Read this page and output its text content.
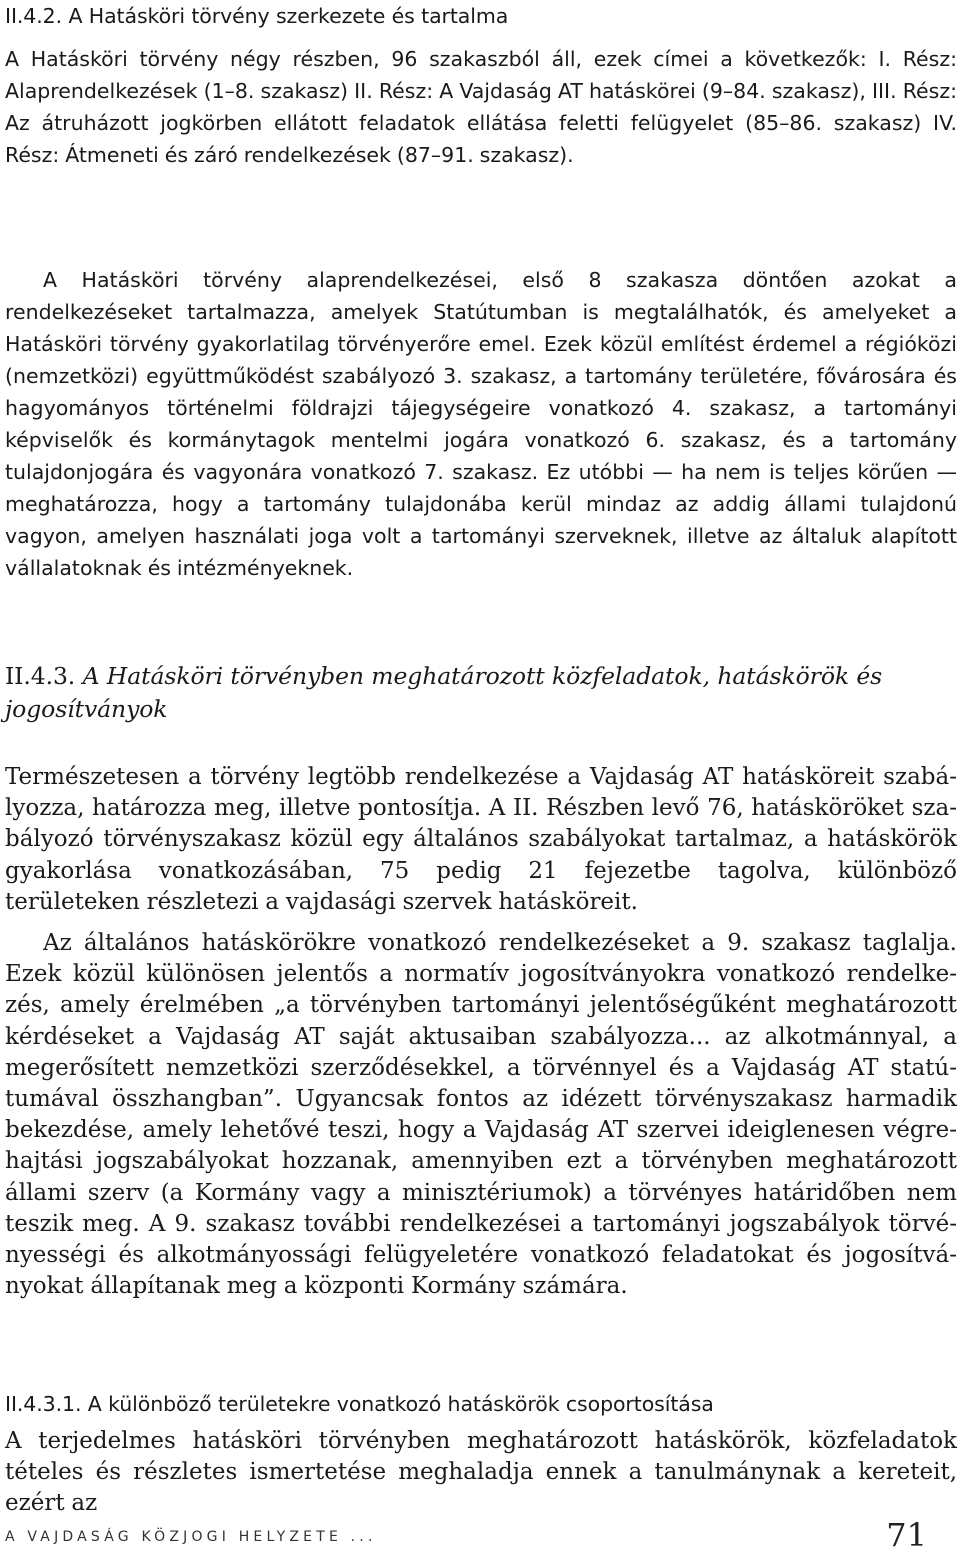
II.4.2. A Hatásköri törvény szerkezete és tartalma
A Hatásköri törvény négy részben, 96 szakaszból áll, ezek címei a következők: I. Rész: Alaprendelkezések (1–8. szakasz) II. Rész: A Vajdaság AT hatáskörei (9–84. szakasz), III. Rész: Az átruházott jogkörben ellátott feladatok ellátása feletti felügyelet (85–86. szakasz) IV. Rész: Átmeneti és záró rendelkezések (87–91. szakasz).
A Hatásköri törvény alaprendelkezései, első 8 szakasza döntően azokat a rendelkezéseket tartalmazza, amelyek Statútumban is megtalálhatók, és amelyeket a Hatásköri törvény gyakorlatilag törvényerőre emel. Ezek közül említést érdemel a régióközi (nemzetközi) együttműködést szabályozó 3. szakasz, a tartomány területére, fővárosára és hagyományos történelmi földrajzi tájegységeire vonatkozó 4. szakasz, a tartományi képviselők és kormánytagok mentelmi jogára vonatkozó 6. szakasz, és a tartomány tulajdonjogára és vagyonára vonatkozó 7. szakasz. Ez utóbbi — ha nem is teljes körűen — meghatározza, hogy a tartomány tulajdonába kerül mindaz az addig állami tulajdonú vagyon, amelyen használati joga volt a tartományi szerveknek, illetve az általuk alapított vállalatoknak és intézményeknek.
II.4.3. A Hatásköri törvényben meghatározott közfeladatok, hatáskörök és jogosítványok
Természetesen a törvény legtöbb rendelkezése a Vajdaság AT hatásköreit szabályozza, határozza meg, illetve pontosítja. A II. Részben levő 76, hatásköröket szabályozó törvényszakasz közül egy általános szabályokat tartalmaz, a hatáskörök gyakorlása vonatkozásában, 75 pedig 21 fejezetbe tagolva, különböző területeken részletezi a vajdasági szervek hatásköreit.
Az általános hatáskörökre vonatkozó rendelkezéseket a 9. szakasz taglalja. Ezek közül különösen jelentős a normatív jogosítványokra vonatkozó rendelkezés, amely érelmében „a törvényben tartományi jelentőségűként meghatározott kérdéseket a Vajdaság AT saját aktusaiban szabályozza... az alkotmánnyal, a megerősített nemzetközi szerződésekkel, a törvénnyel és a Vajdaság AT statútumával összhangban”. Ugyancsak fontos az idézett törvényszakasz harmadik bekezdése, amely lehetővé teszi, hogy a Vajdaság AT szervei ideiglenesen végrehajtási jogszabályokat hozzanak, amennyiben ezt a törvényben meghatározott állami szerv (a Kormány vagy a minisztériumok) a törvényes határidőben nem teszik meg. A 9. szakasz további rendelkezései a tartományi jogszabályok törvényességi és alkotmányossági felügyeletére vonatkozó feladatokat és jogosítványokat állapítanak meg a központi Kormány számára.
II.4.3.1. A különböző területekre vonatkozó hatáskörök csoportosítása
A terjedelmes hatásköri törvényben meghatározott hatáskörök, közfeladatok tételes és részletes ismertetése meghaladja ennek a tanulmánynak a kereteit, ezért az
A VAJDASÁG KÖZJOGI HELYZETE ...	71
